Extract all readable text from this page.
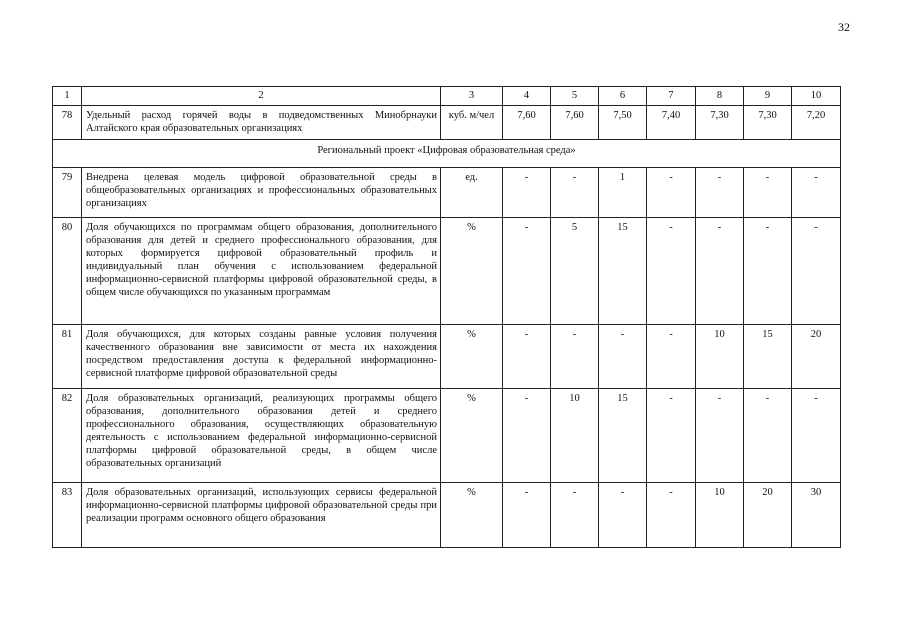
32
1	2	3	4	5	6	7	8	9	10
78	Удельный расход горячей воды в подведомственных Минобрнауки Алтайского края образовательных организациях	куб. м/чел	7,60	7,60	7,50	7,40	7,30	7,30	7,20
Региональный проект «Цифровая образовательная среда»									
79	Внедрена целевая модель цифровой образовательной среды в общеобразовательных организациях и профессиональных образовательных организациях	ед.	-	-	1	-	-	-	-
80	Доля обучающихся по программам общего образования, дополнительного образования для детей и среднего профессионального образования, для которых формируется цифровой образовательный профиль и индивидуальный план обучения с использованием федеральной информационно-сервисной платформы цифровой образовательной среды, в общем числе обучающихся по указанным программам	%	-	5	15	-	-	-	-
81	Доля обучающихся, для которых созданы равные условия получения качественного образования вне зависимости от места их нахождения посредством предоставления доступа к федеральной информационно-сервисной платформе цифровой образовательной среды	%	-	-	-	-	10	15	20
82	Доля образовательных организаций, реализующих программы общего образования, дополнительного образования детей и среднего профессионального образования, осуществляющих образовательную деятельность с использованием федеральной информационно-сервисной платформы цифровой образовательной среды, в общем числе образовательных организаций	%	-	10	15	-	-	-	-
83	Доля образовательных организаций, использующих сервисы федеральной информационно-сервисной платформы цифровой образовательной среды при реализации программ основного общего образования	%	-	-	-	-	10	20	30
